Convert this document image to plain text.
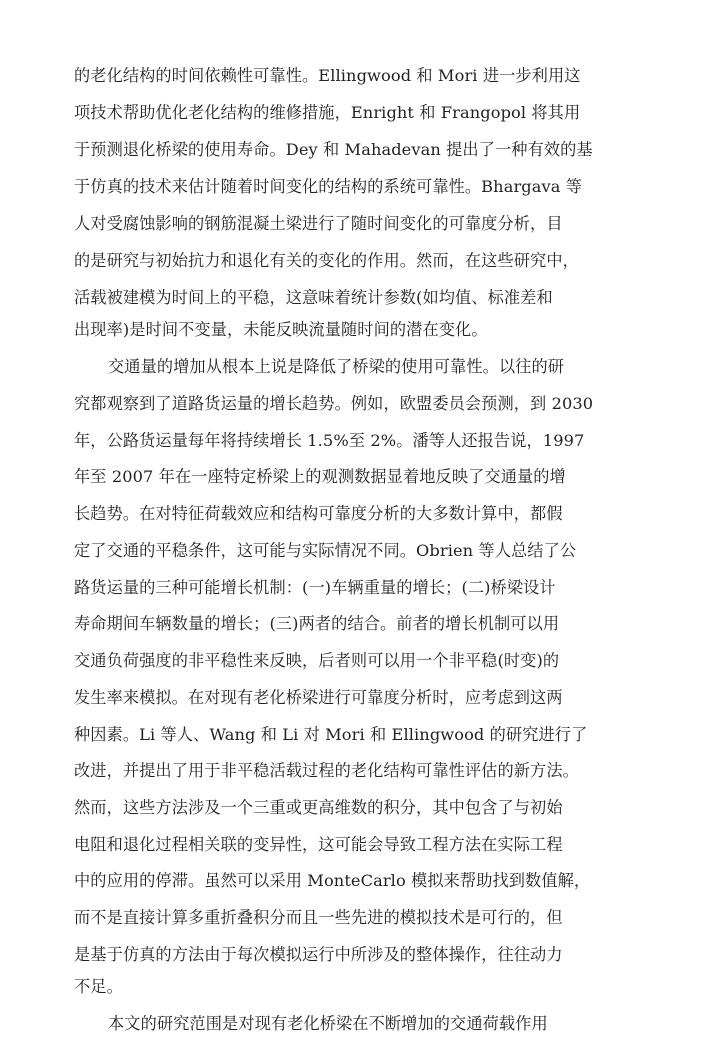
的老化结构的时间依赖性可靠性。Ellingwood 和 Mori 进一步利用这
项技术帮助优化老化结构的维修措施，Enright 和 Frangopol 将其用
于预测退化桥梁的使用寿命。Dey 和 Mahadevan 提出了一种有效的基
于仿真的技术来估计随着时间变化的结构的系统可靠性。Bhargava 等
人对受腐蚀影响的钢筋混凝土梁进行了随时间变化的可靠度分析，目
的是研究与初始抗力和退化有关的变化的作用。然而，在这些研究中，
活载被建模为时间上的平稳，这意味着统计参数(如均值、标准差和
出现率)是时间不变量，未能反映流量随时间的潜在变化。
交通量的增加从根本上说是降低了桥梁的使用可靠性。以往的研
究都观察到了道路货运量的增长趋势。例如，欧盟委员会预测，到 2030
年，公路货运量每年将持续增长 1.5%至 2%。潘等人还报告说，1997
年至 2007 年在一座特定桥梁上的观测数据显着地反映了交通量的增
长趋势。在对特征荷载效应和结构可靠度分析的大多数计算中，都假
定了交通的平稳条件，这可能与实际情况不同。Obrien 等人总结了公
路货运量的三种可能增长机制：(一)车辆重量的增长；(二)桥梁设计
寿命期间车辆数量的增长；(三)两者的结合。前者的增长机制可以用
交通负荷强度的非平稳性来反映，后者则可以用一个非平稳(时变)的
发生率来模拟。在对现有老化桥梁进行可靠度分析时，应考虑到这两
种因素。Li 等人、Wang 和 Li 对 Mori 和 Ellingwood 的研究进行了
改进，并提出了用于非平稳活载过程的老化结构可靠性评估的新方法。
然而，这些方法涉及一个三重或更高维数的积分，其中包含了与初始
电阻和退化过程相关联的变异性，这可能会导致工程方法在实际工程
中的应用的停滞。虽然可以采用 MonteCarlo 模拟来帮助找到数值解，
而不是直接计算多重折叠积分而且一些先进的模拟技术是可行的，但
是基于仿真的方法由于每次模拟运行中所涉及的整体操作，往往动力
不足。
本文的研究范围是对现有老化桥梁在不断增加的交通荷载作用
